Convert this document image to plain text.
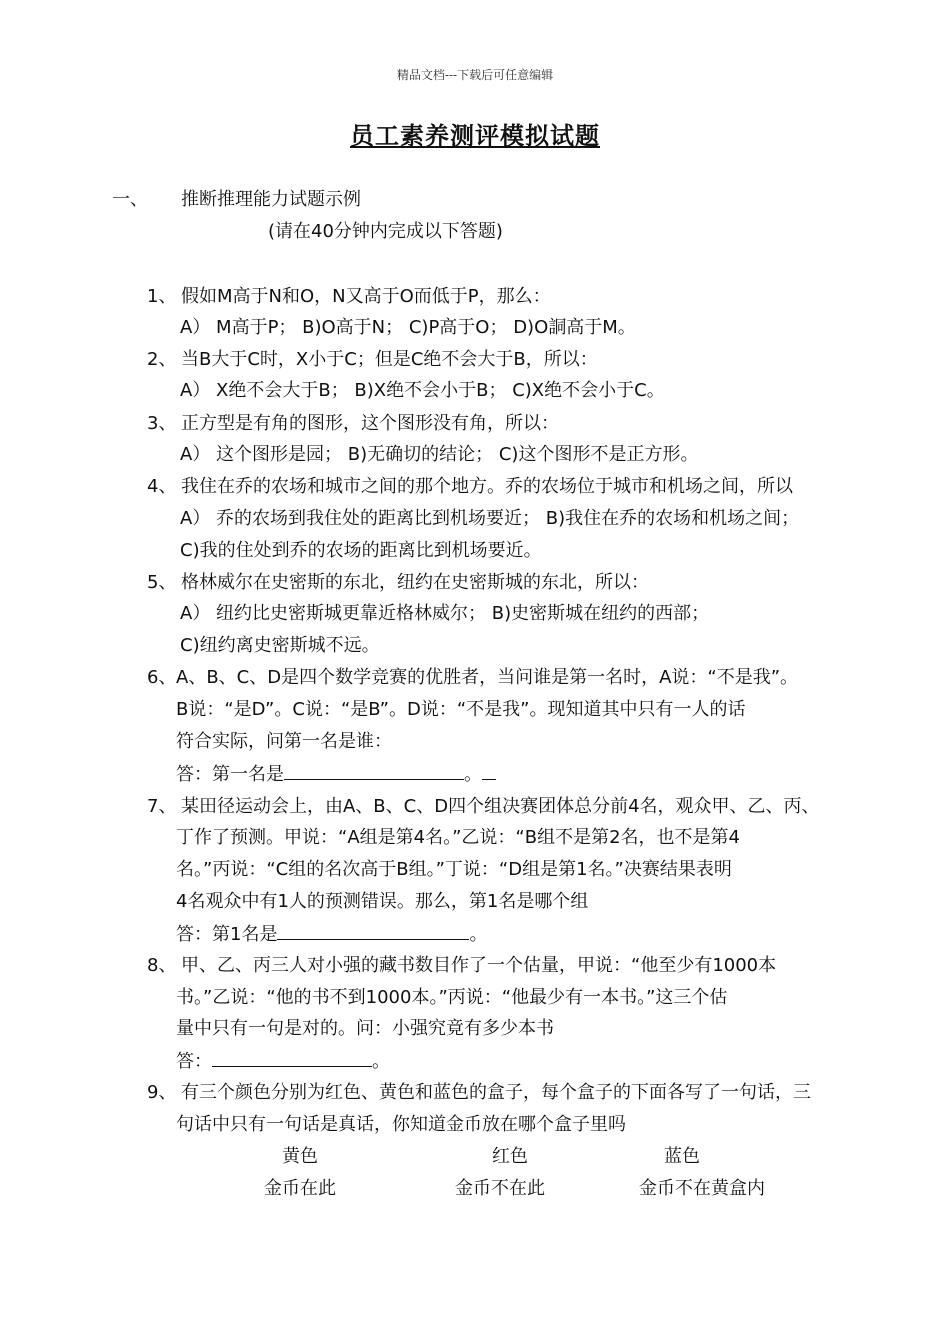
精品文档---下载后可任意编辑
员工素养测评模拟试题
一、 推断推理能力试题示例
(请在40分钟内完成以下答题)
1、 假如M高于N和O，N又高于O而低于P，那么：
A） M高于P； B)O高于N； C)P高于O； D)O詷高于M。
2、 当B大于C时，X小于C；但是C绝不会大于B，所以：
A） X绝不会大于B； B)X绝不会小于B； C)X绝不会小于C。
3、 正方型是有角的图形，这个图形没有角，所以：
A） 这个图形是园； B)无确切的结论； C)这个图形不是正方形。
4、 我住在乔的农场和城市之间的那个地方。乔的农场位于城市和机场之间，所以
A） 乔的农场到我住处的距离比到机场要近； B)我住在乔的农场和机场之间；
C)我的住处到乔的农场的距离比到机场要近。
5、 格林威尔在史密斯的东北，纽约在史密斯城的东北，所以：
A） 纽约比史密斯城更靠近格林威尔； B)史密斯城在纽约的西部；
C)纽约离史密斯城不远。
6、 A、B、C、D是四个数学竞赛的优胜者，当问谁是第一名时，A说：“不是我”。
B说：“是D”。C说：“是B”。D说：“不是我”。现知道其中只有一人的话
符合实际，问第一名是谁：
答：第一名是	。
7、 某田径运动会上，由A、B、C、D四个组决赛团体总分前4名，观众甲、乙、丙、
丁作了预测。甲说：“A组是第4名。”乙说：“B组不是第2名，也不是第4
名。”丙说：“C组的名次高于B组。”丁说：“D组是第1名。”决赛结果表明
4名观众中有1人的预测错误。那么，第1名是哪个组
答：第1名是	。
8、 甲、乙、丙三人对小强的藏书数目作了一个估量，甲说：“他至少有1000本
书。”乙说：“他的书不到1000本。”丙说：“他最少有一本书。”这三个估
量中只有一句是对的。问：小强究竟有多少本书
答：	。
9、 有三个颜色分别为红色、黄色和蓝色的盒子，每个盒子的下面各写了一句话，三
句话中只有一句话是真话，你知道金币放在哪个盒子里吗
黄色	红色	蓝色
金币在此	金币不在此	金币不在黄盒内
